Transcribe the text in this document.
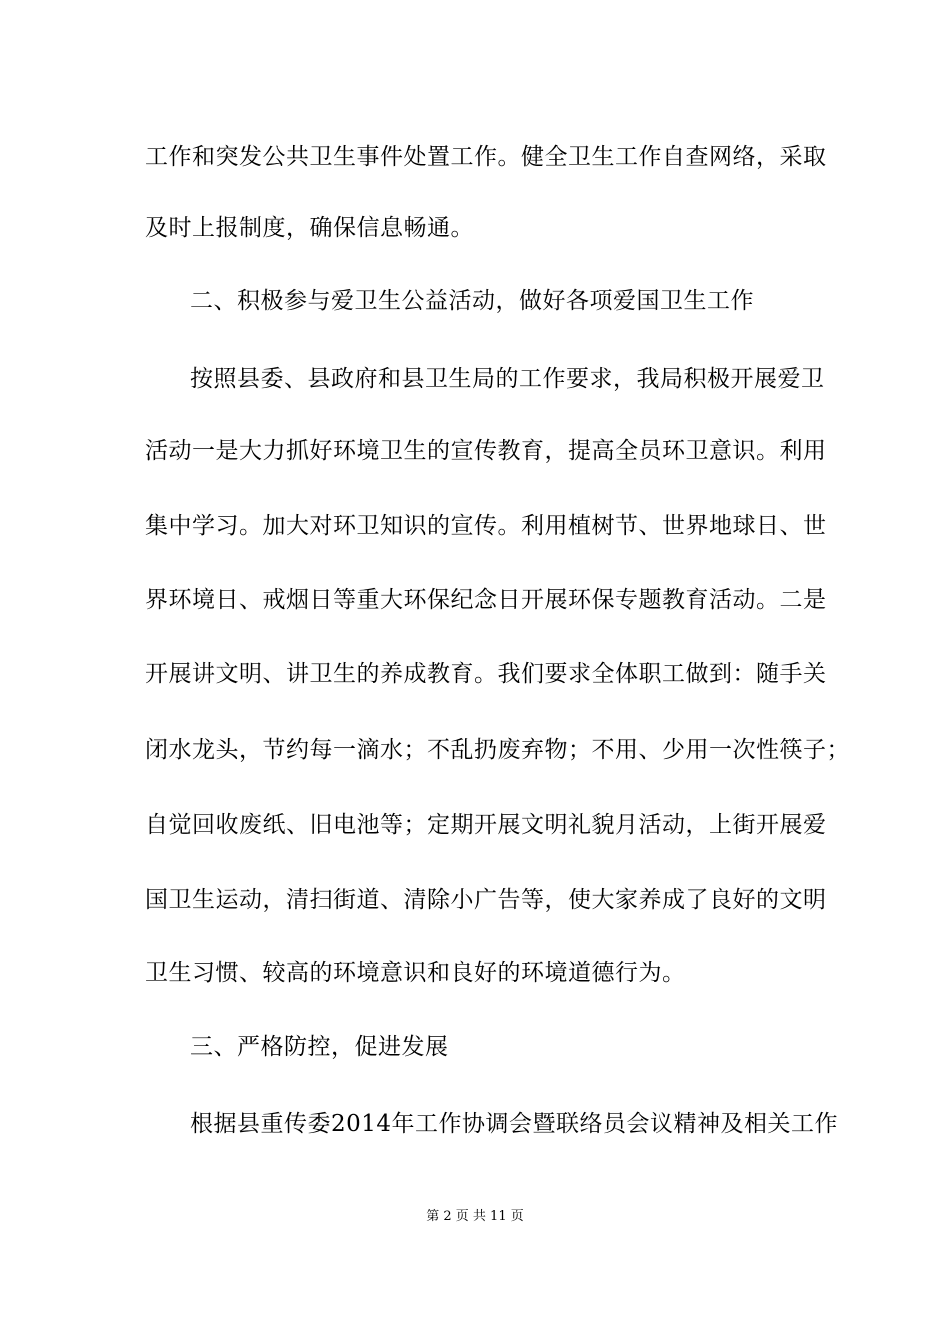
工作和突发公共卫生事件处置工作。健全卫生工作自查网络，采取
及时上报制度，确保信息畅通。
二、积极参与爱卫生公益活动，做好各项爱国卫生工作
按照县委、县政府和县卫生局的工作要求，我局积极开展爱卫
活动一是大力抓好环境卫生的宣传教育，提高全员环卫意识。利用
集中学习。加大对环卫知识的宣传。利用植树节、世界地球日、世
界环境日、戒烟日等重大环保纪念日开展环保专题教育活动。二是
开展讲文明、讲卫生的养成教育。我们要求全体职工做到：随手关
闭水龙头，节约每一滴水；不乱扔废弃物；不用、少用一次性筷子；
自觉回收废纸、旧电池等；定期开展文明礼貌月活动，上街开展爱
国卫生运动，清扫街道、清除小广告等，使大家养成了良好的文明
卫生习惯、较高的环境意识和良好的环境道德行为。
三、严格防控，促进发展
根据县重传委2014年工作协调会暨联络员会议精神及相关工作
第 2 页 共 11 页
